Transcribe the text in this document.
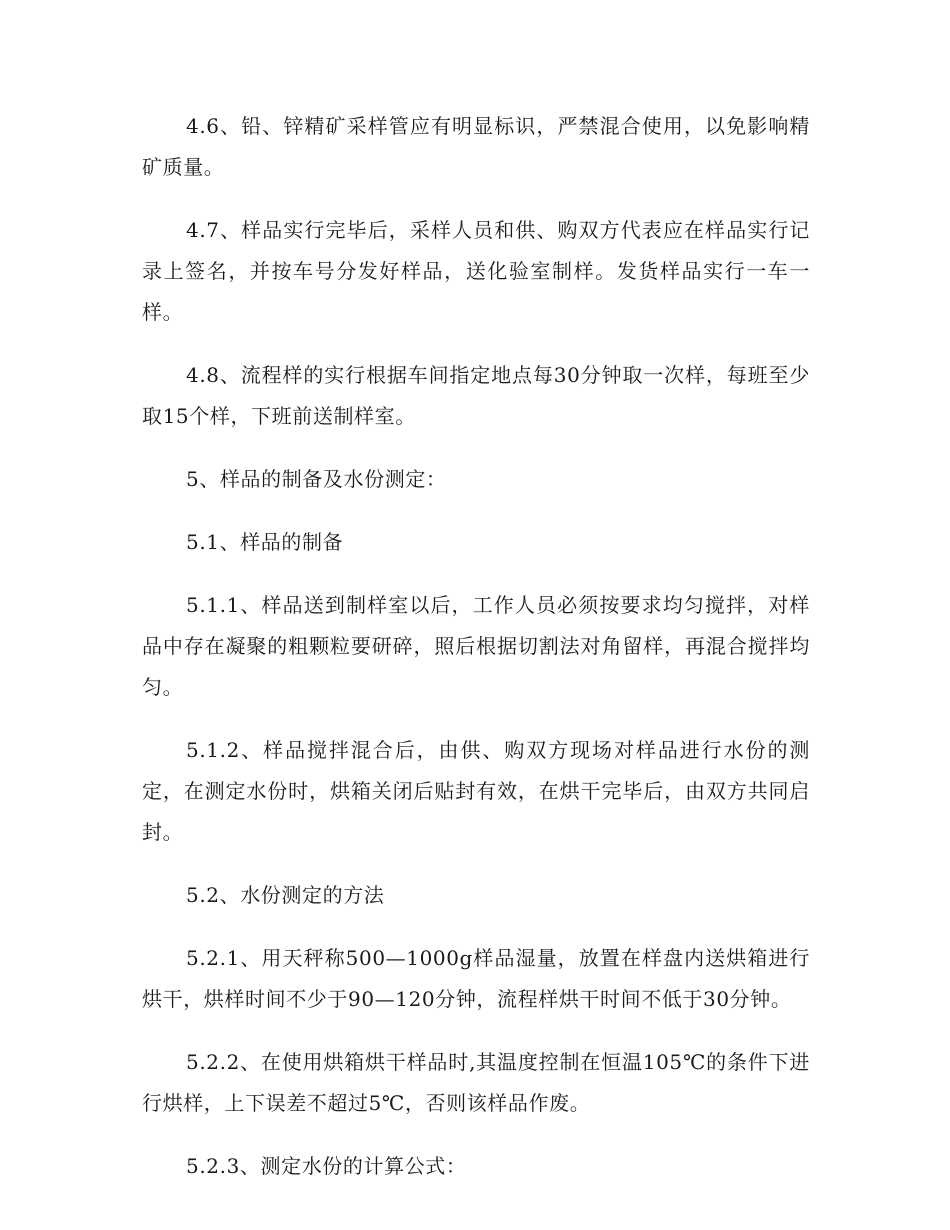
4.6、铅、锌精矿采样管应有明显标识，严禁混合使用，以免影响精矿质量。

4.7、样品实行完毕后，采样人员和供、购双方代表应在样品实行记录上签名，并按车号分发好样品，送化验室制样。发货样品实行一车一样。

4.8、流程样的实行根据车间指定地点每30分钟取一次样，每班至少取15个样，下班前送制样室。

5、样品的制备及水份测定：

5.1、样品的制备

5.1.1、样品送到制样室以后，工作人员必须按要求均匀搅拌，对样品中存在凝聚的粗颗粒要研碎，照后根据切割法对角留样，再混合搅拌均匀。

5.1.2、样品搅拌混合后，由供、购双方现场对样品进行水份的测定，在测定水份时，烘箱关闭后贴封有效，在烘干完毕后，由双方共同启封。

5.2、水份测定的方法

5.2.1、用天秤称500—1000g样品湿量，放置在样盘内送烘箱进行烘干，烘样时间不少于90—120分钟，流程样烘干时间不低于30分钟。

5.2.2、在使用烘箱烘干样品时,其温度控制在恒温105℃的条件下进行烘样，上下误差不超过5℃，否则该样品作废。

5.2.3、测定水份的计算公式：
